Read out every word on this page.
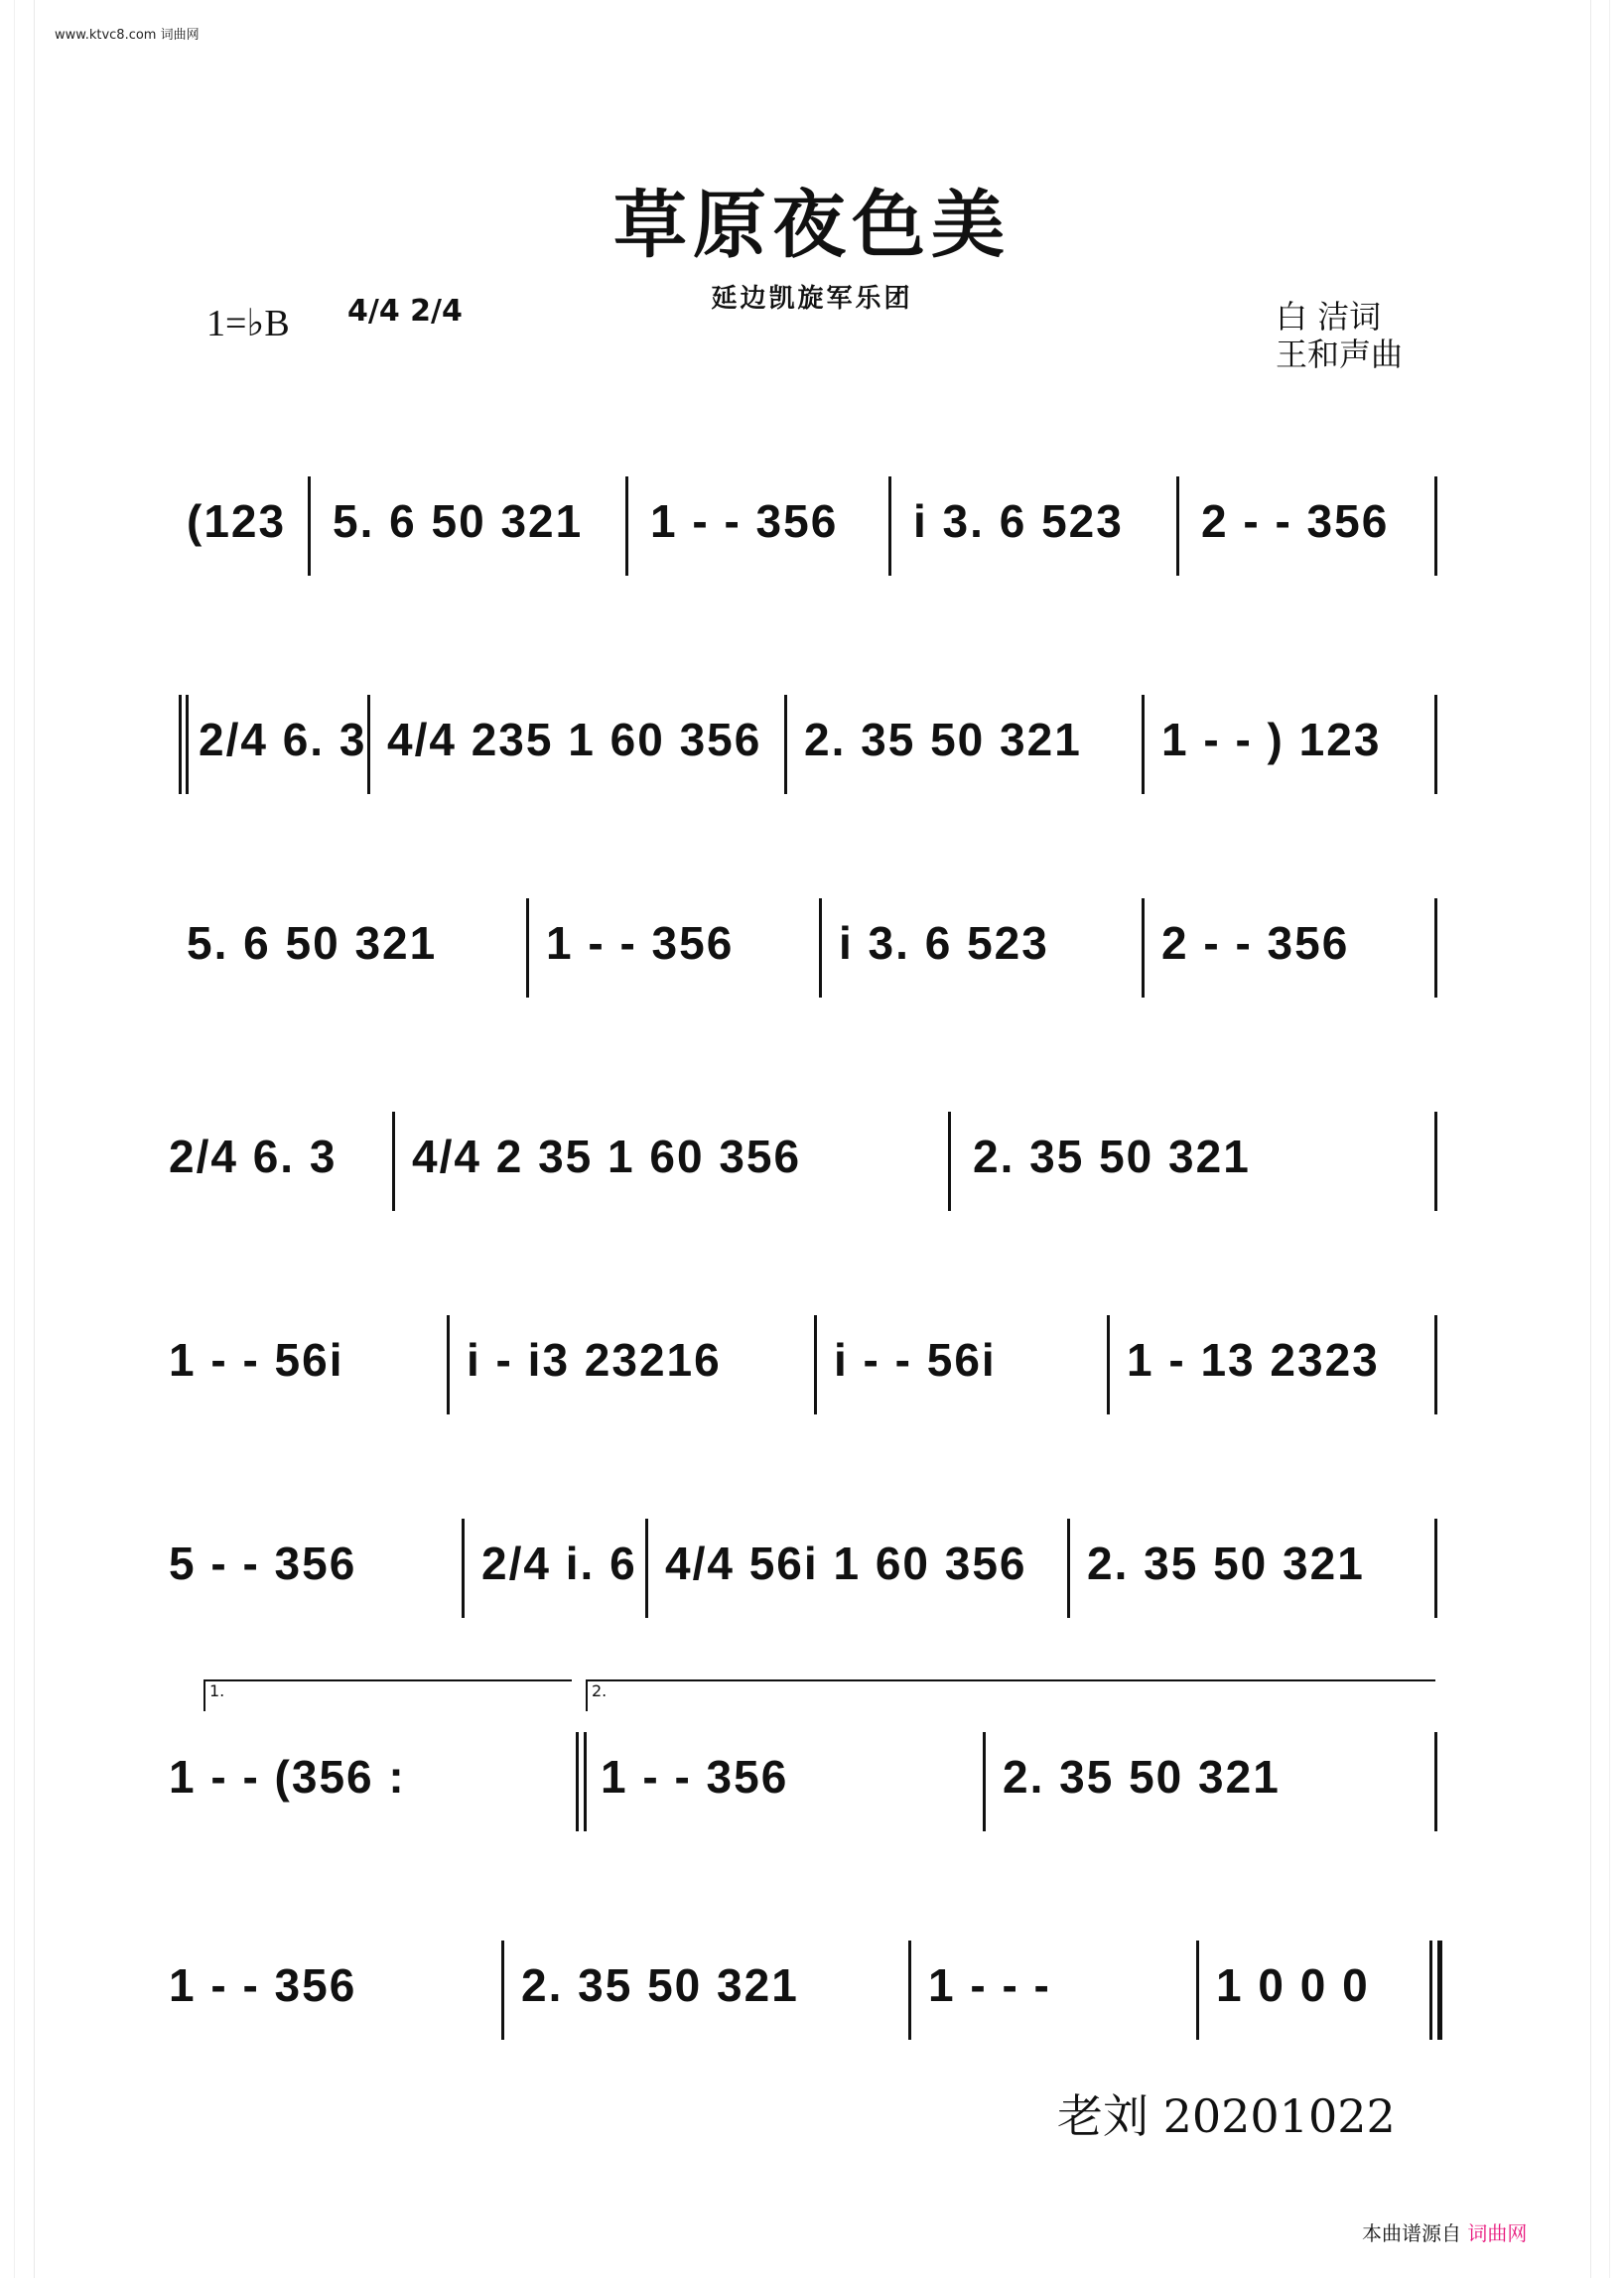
www.ktvc8.com 词曲网
草原夜色美
延边凯旋军乐团
1=♭B 4/4 2/4	白 洁词
王和声曲
(123 5. 6 50 321 1 - - 356 i 3. 6 523 2 - - 356
2/4 6. 3 4/4 235 1 60 356 2. 35 50 321 1 - - ) 123
5. 6 50 321 1 - - 356 i 3. 6 523 2 - - 356
2/4 6. 3 4/4 2 35 1 60 356	2. 35 50 321
1 - - 56i	i - i3 23216 i - - 56i	1 - 13 2323
5 - - 356	2/4 i. 6 4/4 56i 1 60 356 2. 35 50 321
1.	2.
1 - - (356 :	1 - - 356	2. 35 50 321
1 - - 356	2. 35 50 321	1 - - -	1 0 0 0
老刘 20201022
本曲谱源自 词曲网
